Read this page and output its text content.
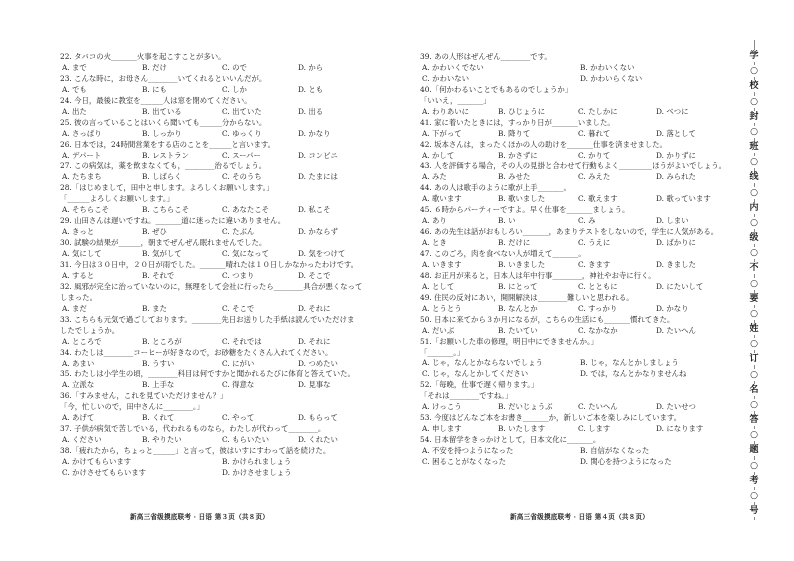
22. タバコの火_______火事を起こすことが多い。
A. まで	B. だけ	C. ので	D. から
23. こんな時に，お母さん________いてくれるといいんだが。
A. でも	B. にも	C. しか	D. とも
24. 今日，最後に教室を______人は窓を閉めてください。
A. 出た	B. 出ている	C. 出ていた	D. 出る
25. 彼の言っていることはいくら聞いても______分からない。
A. さっぱり	B. しっかり	C. ゆっくり	D. かなり
26. 日本では，24時間営業をする店のことを______と言います。
A. デパート	B. レストラン	C. スーパー	D. コンビニ
27. この病気は，薬を飲まなくても，________治るでしょう。
A. たちまち	B. しばらく	C. そのうち	D. たまには
28.「はじめまして，田中と申します。よろしくお願いします。」
「______よろしくお願いします。」
A. そちらこそ	B. こちらこそ	C. あなたこそ	D. 私こそ
29. 山田さんは遅いですね。_______道に迷ったに違いありません。
A. きっと	B. ぜひ	C. たぶん	D. かならず
30. 試験の結果が______，朝までぜんぜん眠れませんでした。
A. 気にして	B. 気がして	C. 気になって	D. 気をつけて
31. 今日は３０日中，２０日が雨でした。_______晴れたは１０日しかなかったわけです。
A. すると	B. それで	C. つまり	D. そこで
32. 風邪が完全に治っていないのに，無理をして会社に行ったら________具合が悪くなって
しまった。
A. まだ	B. また	C. そこで	D. それに
33. こちらも元気で過ごしております。________先日お送りした手紙は読んでいただけま
したでしょうか。
A. ところで	B. ところが	C. それでは	D. それに
34. わたしは________コーヒーが好きなので，お砂糖をたくさん入れてください。
A. あまい	B. うすい	C. にがい	D. つめたい
35. わたしは小学生の頃，________科目は何ですかと聞かれるたびに体育と答えていた。
A. 立派な	B. 上手な	C. 得意な	D. 見事な
36.「すみません，これを見ていただけません？」
「今，忙しいので，田中さんに________。」
A. あげて	B. くれて	C. やって	D. もらって
37. 子供が病気で苦しでいる，代われるものなら，わたしが代わって________。
A. ください	B. やりたい	C. もらいたい	D. くれたい
38.「疲れたから，ちょっと______」と言って，彼はいすにすわって話を続けた。
A. かけてもらいます	B. かけられましょう
C. かけさせてもらいます	D. かけさせましょう
39. あの人形はぜんぜん________です。
A. かわいくでない	B. かわいくない
C. かわいない	D. かわいらくない
40.「何かわるいことでもあるのでしょうか」
「いいえ，_______」
A. わりあいに	B. ひじょうに	C. たしかに	D. べつに
41. 家に着いたときには，すっかり日が_______いました。
A. 下がって	B. 降りて	C. 暮れて	D. 落として
42. 坂本さんは，まったくほかの人の助けを_______仕事を済ませました。
A. かして	B. かさずに	C. かりて	D. かりずに
43. 人を評価する場合，その人の見掛と合わせて行動もよく_________ほうがよいでしょう。
A. みた	B. みせた	C. みえた	D. みられた
44. あの人は歌手のように歌が上手_______。
A. 歌います	B. 歌いました	C. 歌えます	D. 歌っています
45. ６時からパーティーですよ。早く仕事を_______ましょう。
A. あり	B. い	C. み	D. しまい
46. あの先生は話がおもしろい_______，あまりテストをしないので，学生に人気がある。
A. とき	B. だけに	C. うえに	D. ばかりに
47. このごろ，肉を食べない人が増えて_______。
A. いきます	B. いきました	C. きます	D. きました
48. お正月が来ると，日本人は年中行事________，神社やお寺に行く。
A. として	B. にとって	C. とともに	D. にたいして
49. 住民の反対にあい，開開解決は________難しいと思われる。
A. とうとう	B. なんとか	C. すっかり	D. かなり
50. 日本に来てから３か月になるが，こちらの生活にも_______慣れてきた。
A. だいぶ	B. たいてい	C. なかなか	D. たいへん
51.「お願いした車の修理，明日中にできませんか。」
「_______。」
A. じゃ，なんとかならないでしょう	B. じゃ，なんとかしましょう
C. じゃ，なんとかしてください	D. では，なんとかなりませんね
52.「毎晩，仕事で遅く帰ります。」
「それは________ですね。」
A. けっこう	B. だいじょうぶ	C. たいへん	D. たいせつ
53. 今度はどんなご本をお書き_______か，新しいご本を楽しみにしています。
A. 申します	B. いたします	C. します	D. になります
54. 日本留学をきっかけとして，日本文化に_______。
A. 不安を持つようになった	B. 自信がなくなった
C. 困ることがなくなった	D. 関心を持つようになった
新高三省级摸底联考 · 日语 第３页（共８页）	新高三省级摸底联考 · 日语 第４页（共８页）
学
○
校
○
封
○
班
○
线
○
内
○
级
○
不
○
要
○
姓
○
订
○
名
○
答
○
题
○
考
○
号
